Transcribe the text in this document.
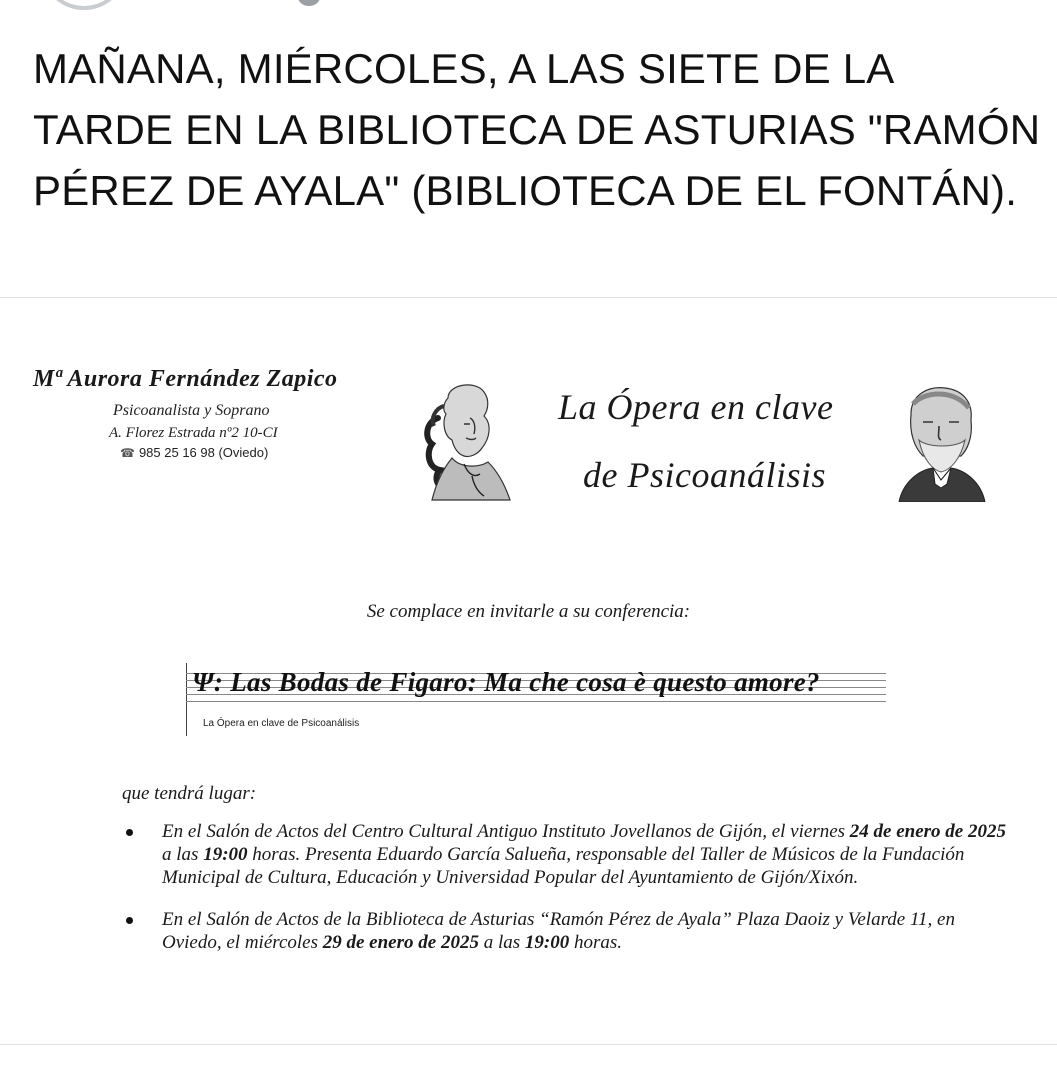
MAÑANA, MIÉRCOLES, A LAS SIETE DE LA TARDE EN LA BIBLIOTECA DE ASTURIAS "RAMÓN PÉREZ DE AYALA" (BIBLIOTECA DE EL FONTÁN).

Mª Aurora Fernández Zapico
Psicoanalista y Soprano
A. Florez Estrada nº2 10-CI
☎ 985 25 16 98 (Oviedo)
La Ópera en clave
de Psicoanálisis
Se complace en invitarle a su conferencia:
Ψ: Las Bodas de Figaro: Ma che cosa è questo amore?
La Ópera en clave de Psicoanálisis
que tendrá lugar:
En el Salón de Actos del Centro Cultural Antiguo Instituto Jovellanos de Gijón, el viernes 24 de enero de 2025 a las 19:00 horas. Presenta Eduardo García Salueña, responsable del Taller de Músicos de la Fundación Municipal de Cultura, Educación y Universidad Popular del Ayuntamiento de Gijón/Xixón.
En el Salón de Actos de la Biblioteca de Asturias “Ramón Pérez de Ayala” Plaza Daoiz y Velarde 11, en Oviedo, el miércoles 29 de enero de 2025 a las 19:00 horas.
